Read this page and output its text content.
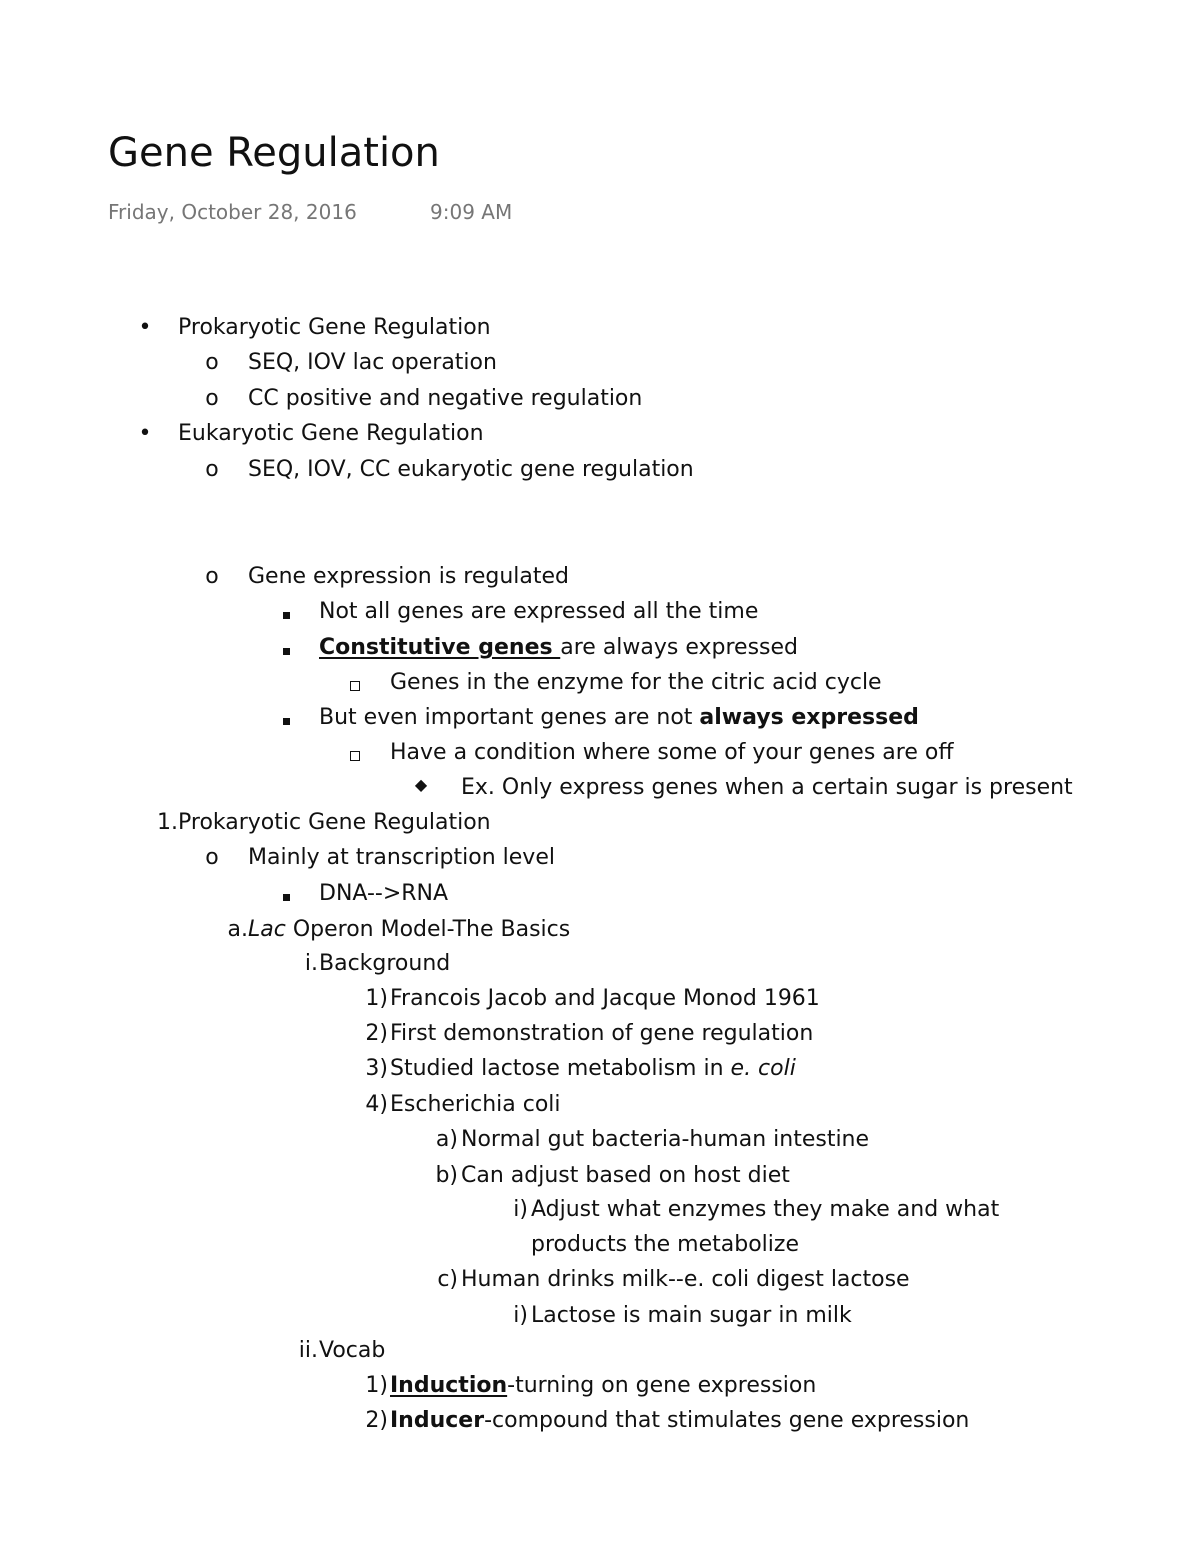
Gene Regulation
Friday, October 28, 2016	9:09 AM
• Prokaryotic Gene Regulation
o SEQ, IOV lac operation
o CC positive and negative regulation
• Eukaryotic Gene Regulation
o SEQ, IOV, CC eukaryotic gene regulation
o Gene expression is regulated
Not all genes are expressed all the time
Constitutive genes are always expressed
Genes in the enzyme for the citric acid cycle
But even important genes are not always expressed
Have a condition where some of your genes are off
◆ Ex. Only express genes when a certain sugar is present
1. Prokaryotic Gene Regulation
o Mainly at transcription level
DNA-->RNA
a. Lac Operon Model-The Basics
i. Background
1) Francois Jacob and Jacque Monod 1961
2) First demonstration of gene regulation
3) Studied lactose metabolism in e. coli
4) Escherichia coli
a) Normal gut bacteria-human intestine
b) Can adjust based on host diet
i) Adjust what enzymes they make and what
products the metabolize
c) Human drinks milk--e. coli digest lactose
i) Lactose is main sugar in milk
ii. Vocab
1) Induction-turning on gene expression
2) Inducer-compound that stimulates gene expression
